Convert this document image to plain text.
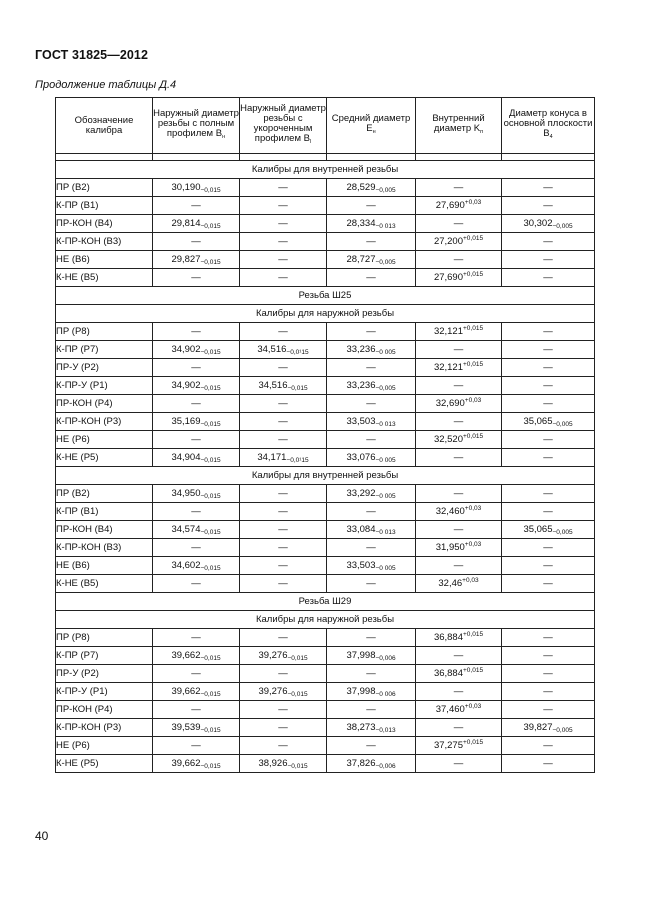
ГОСТ 31825—2012
Продолжение таблицы Д.4
Обозначение калибра	Наружный диаметр резьбы с полным профилем $B_н$	Наружный диаметр резьбы с укороченным профилем $B_l$	Средний диаметр $E_н$	Внутренний диаметр $K_п$	Диаметр конуса в основной плоскости $B_4$

Калибры для внутренней резьбы					
ПР (В2)	$30,190_{-0,015}$	—	$28,529_{-0,005}$	—	—
К-ПР (В1)	—	—	—	$27,690^{+0,03}$	—
ПР-КОН (В4)	$29,814_{-0,015}$	—	$28,334_{-0 013}$	—	$30,302_{-0,005}$
К-ПР-КОН (В3)	—	—	—	$27,200^{+0,015}$	—
НЕ (В6)	$29,827_{-0,015}$	—	$28,727_{-0,005}$	—	—
К-НЕ (В5)	—	—	—	$27,690^{+0,015}$	—
Резьба Ш25					
Калибры для наружной резьбы					
ПР (Р8)	—	—	—	$32,121^{+0,015}$	—
К-ПР (Р7)	$34,902_{-0,015}$	$34,516_{-0,0^115}$	$33,236_{-0 005}$	—	—
ПР-У (Р2)	—	—	—	$32,121^{+0,015}$	—
К-ПР-У (Р1)	$34,902_{-0,015}$	$34,516_{-0,015}$	$33,236_{-0,005}$	—	—
ПР-КОН (Р4)	—	—	—	$32,690^{+0,03}$	—
К-ПР-КОН (Р3)	$35,169_{-0,015}$	—	$33,503_{-0 013}$	—	$35,065_{-0,005}$
НЕ (Р6)	—	—	—	$32,520^{+0,015}$	—
К-НЕ (Р5)	$34,904_{-0,015}$	$34,171_{-0,0^115}$	$33,076_{-0 005}$	—	—
Калибры для внутренней резьбы					
ПР (В2)	$34,950_{-0,015}$	—	$33,292_{-0 005}$	—	—
К-ПР (В1)	—	—	—	$32,460^{+0,03}$	—
ПР-КОН (В4)	$34,574_{-0,015}$	—	$33,084_{-0 013}$	—	$35,065_{-0,005}$
К-ПР-КОН (В3)	—	—	—	$31,950^{+0,03}$	—
НЕ (В6)	$34,602_{-0,015}$	—	$33,503_{-0 005}$	—	—
К-НЕ (В5)	—	—	—	$32,46^{+0,03}$	—
Резьба Ш29					
Калибры для наружной резьбы					
ПР (Р8)	—	—	—	$36,884^{+0,015}$	—
К-ПР (Р7)	$39,662_{-0,015}$	$39,276_{-0,015}$	$37,998_{-0,006}$	—	—
ПР-У (Р2)	—	—	—	$36,884^{+0,015}$	—
К-ПР-У (Р1)	$39,662_{-0,015}$	$39,276_{-0,015}$	$37,998_{-0 006}$	—	—
ПР-КОН (Р4)	—	—	—	$37,460^{+0,03}$	—
К-ПР-КОН (Р3)	$39,539_{-0,015}$	—	$38,273_{-0,013}$	—	$39,827_{-0,005}$
НЕ (Р6)	—	—	—	$37,275^{+0,015}$	—
К-НЕ (Р5)	$39,662_{-0,015}$	$38,926_{-0,015}$	$37,826_{-0,006}$	—	—
40
